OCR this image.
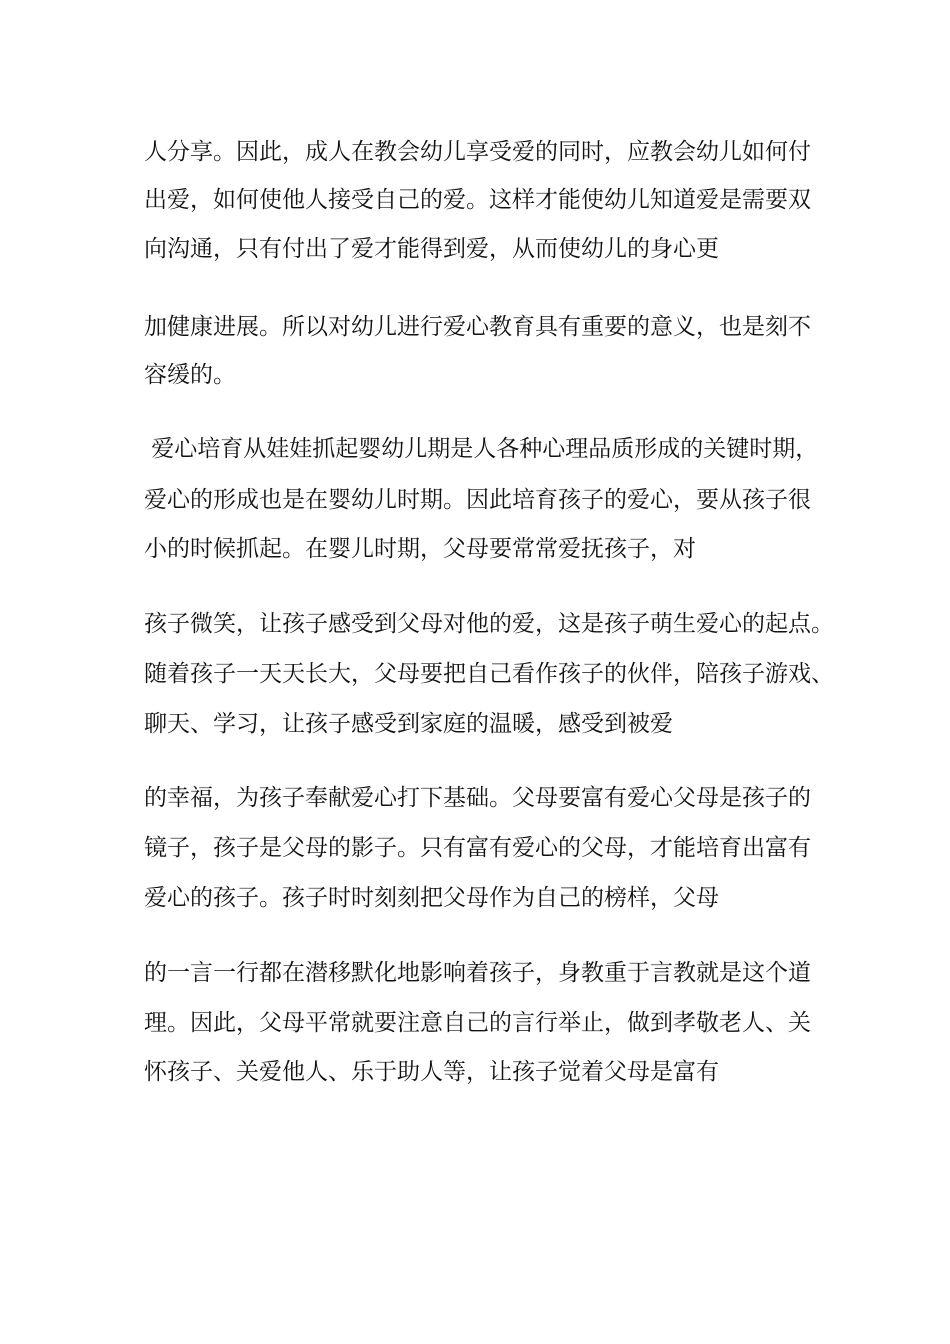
人分享。因此，成人在教会幼儿享受爱的同时，应教会幼儿如何付
出爱，如何使他人接受自己的爱。这样才能使幼儿知道爱是需要双
向沟通，只有付出了爱才能得到爱，从而使幼儿的身心更
加健康进展。所以对幼儿进行爱心教育具有重要的意义，也是刻不
容缓的。
爱心培育从娃娃抓起婴幼儿期是人各种心理品质形成的关键时期，
爱心的形成也是在婴幼儿时期。因此培育孩子的爱心，要从孩子很
小的时候抓起。在婴儿时期，父母要常常爱抚孩子，对
孩子微笑，让孩子感受到父母对他的爱，这是孩子萌生爱心的起点。
随着孩子一天天长大，父母要把自己看作孩子的伙伴，陪孩子游戏、
聊天、学习，让孩子感受到家庭的温暖，感受到被爱
的幸福，为孩子奉献爱心打下基础。父母要富有爱心父母是孩子的
镜子，孩子是父母的影子。只有富有爱心的父母，才能培育出富有
爱心的孩子。孩子时时刻刻把父母作为自己的榜样，父母
的一言一行都在潜移默化地影响着孩子，身教重于言教就是这个道
理。因此，父母平常就要注意自己的言行举止，做到孝敬老人、关
怀孩子、关爱他人、乐于助人等，让孩子觉着父母是富有
